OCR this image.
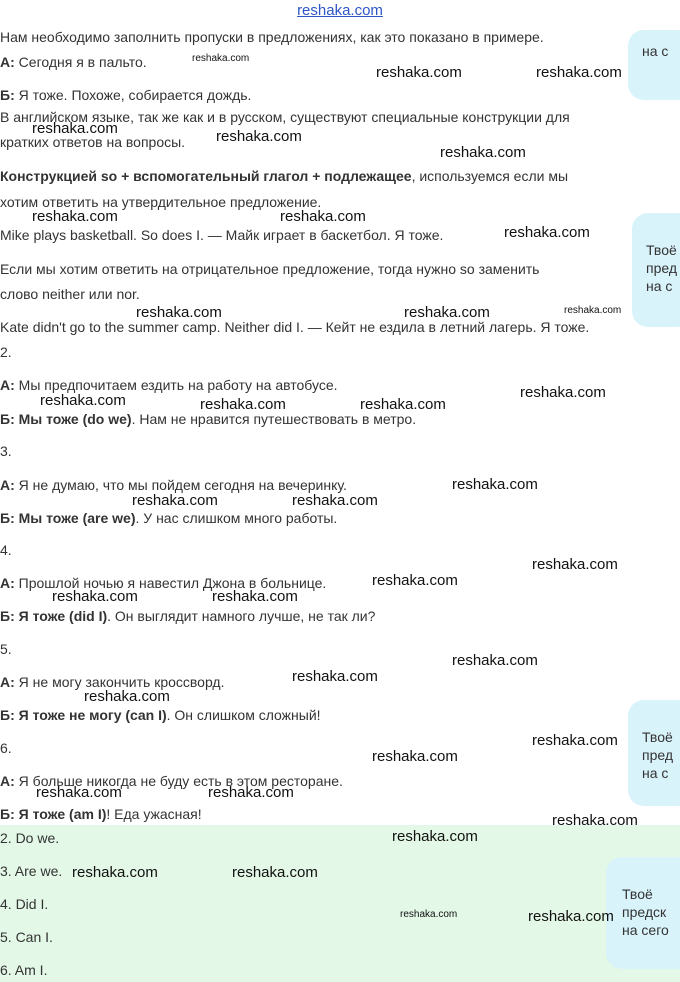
reshaka.com
Нам необходимо заполнить пропуски в предложениях, как это показано в примере.
А: Сегодня я в пальто.
Б: Я тоже. Похоже, собирается дождь.
В английском языке, так же как и в русском, существуют специальные конструкции для
кратких ответов на вопросы.
Конструкцией so + вспомогательный глагол + подлежащее, используемся если мы
хотим ответить на утвердительное предложение.
Mike plays basketball. So does I. — Майк играет в баскетбол. Я тоже.
Если мы хотим ответить на отрицательное предложение, тогда нужно so заменить
слово neither или nor.
Kate didn't go to the summer camp. Neither did I. — Кейт не ездила в летний лагерь. Я тоже.
2.
А: Мы предпочитаем ездить на работу на автобусе.
Б: Мы тоже (do we). Нам не нравится путешествовать в метро.
3.
А: Я не думаю, что мы пойдем сегодня на вечеринку.
Б: Мы тоже (are we). У нас слишком много работы.
4.
А: Прошлой ночью я навестил Джона в больнице.
Б: Я тоже (did I). Он выглядит намного лучше, не так ли?
5.
А: Я не могу закончить кроссворд.
Б: Я тоже не могу (can I). Он слишком сложный!
6.
А: Я больше никогда не буду есть в этом ресторане.
Б: Я тоже (am I)! Еда ужасная!
2. Do we.
3. Are we.
4. Did I.
5. Can I.
6. Am I.
на с
Твоё
пред
на с
Твоё
пред
на с
Твоё
предск
на сего
reshaka.com
reshaka.com	reshaka.com
reshaka.com	reshaka.com
reshaka.com
reshaka.com	reshaka.com
reshaka.com
reshaka.com	reshaka.com	reshaka.com
reshaka.com
reshaka.com	reshaka.com	reshaka.com
reshaka.com
reshaka.com	reshaka.com
reshaka.com
reshaka.com
reshaka.com	reshaka.com
reshaka.com
reshaka.com
reshaka.com
reshaka.com
reshaka.com
reshaka.com	reshaka.com
reshaka.com
reshaka.com
reshaka.com	reshaka.com
reshaka.com	reshaka.com
